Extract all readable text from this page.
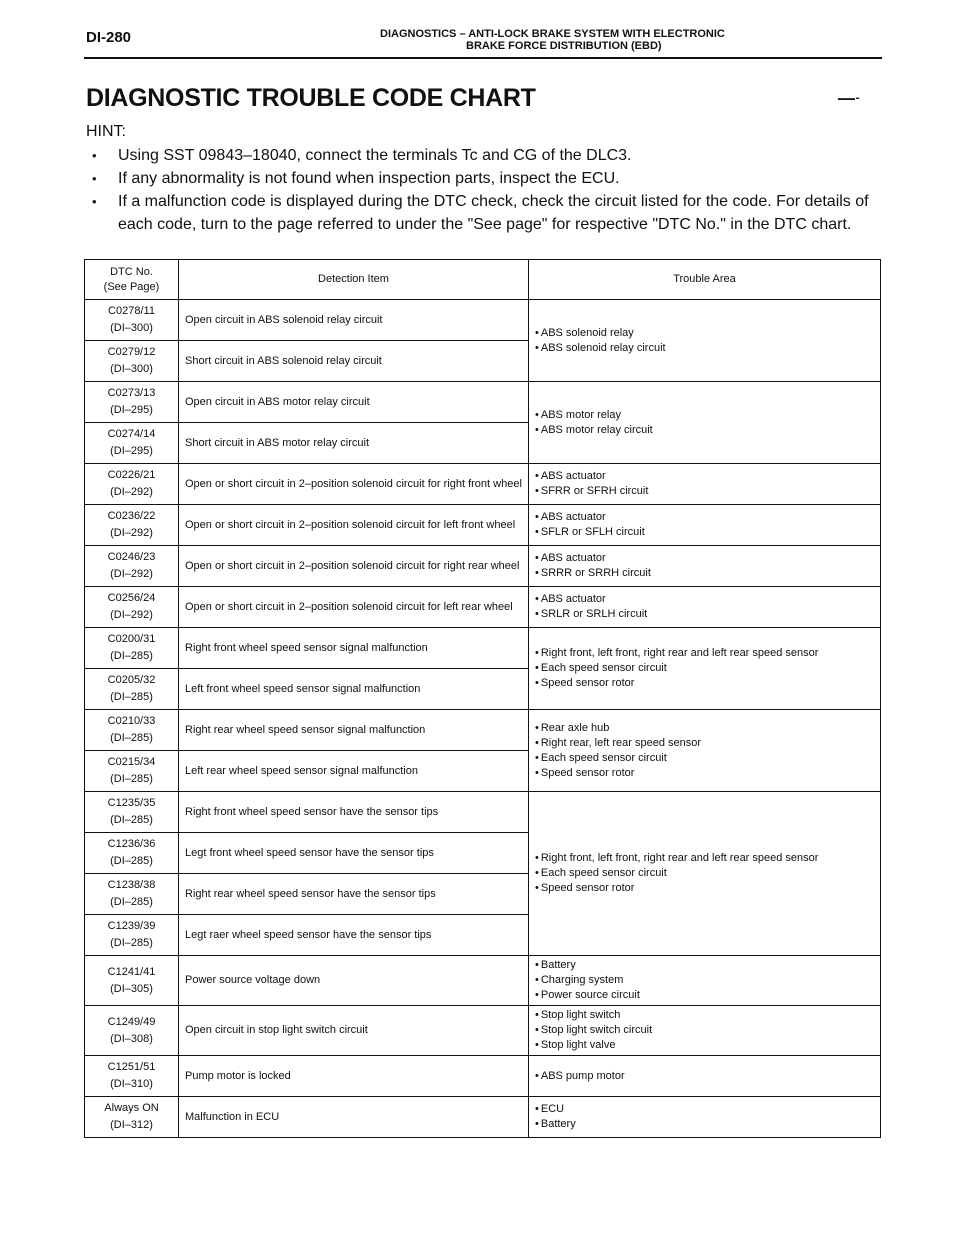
DI-280	DIAGNOSTICS – ANTI-LOCK BRAKE SYSTEM WITH ELECTRONIC
BRAKE FORCE DISTRIBUTION (EBD)
DIAGNOSTIC TROUBLE CODE CHART	▬▬▬ ▪▪
HINT:
• Using SST 09843–18040, connect the terminals Tc and CG of the DLC3.
• If any abnormality is not found when inspection parts, inspect the ECU.
• If a malfunction code is displayed during the DTC check, check the circuit listed for the code. For details of each code, turn to the page referred to under the "See page" for respective "DTC No." in the DTC chart.
DTC No.
(See Page)	Detection Item	Trouble Area

C0278/11
(DI–300)	Open circuit in ABS solenoid relay circuit	• ABS solenoid relay
• ABS solenoid relay circuit

C0279/12
(DI–300)	Short circuit in ABS solenoid relay circuit	

C0273/13
(DI–295)	Open circuit in ABS motor relay circuit	• ABS motor relay
• ABS motor relay circuit

C0274/14
(DI–295)	Short circuit in ABS motor relay circuit	

C0226/21
(DI–292)	Open or short circuit in 2–position solenoid circuit for right front wheel	• ABS actuator
• SFRR or SFRH circuit

C0236/22
(DI–292)	Open or short circuit in 2–position solenoid circuit for left front wheel	• ABS actuator
• SFLR or SFLH circuit

C0246/23
(DI–292)	Open or short circuit in 2–position solenoid circuit for right rear wheel	• ABS actuator
• SRRR or SRRH circuit

C0256/24
(DI–292)	Open or short circuit in 2–position solenoid circuit for left rear wheel	• ABS actuator
• SRLR or SRLH circuit

C0200/31
(DI–285)	Right front wheel speed sensor signal malfunction	• Right front, left front, right rear and left rear speed sensor
• Each speed sensor circuit
• Speed sensor rotor

C0205/32
(DI–285)	Left front wheel speed sensor signal malfunction	

C0210/33
(DI–285)	Right rear wheel speed sensor signal malfunction	• Rear axle hub
• Right rear, left rear speed sensor
• Each speed sensor circuit
• Speed sensor rotor

C0215/34
(DI–285)	Left rear wheel speed sensor signal malfunction	

C1235/35
(DI–285)	Right front wheel speed sensor have the sensor tips	• Right front, left front, right rear and left rear speed sensor
• Each speed sensor circuit
• Speed sensor rotor

C1236/36
(DI–285)	Legt front wheel speed sensor have the sensor tips	

C1238/38
(DI–285)	Right rear wheel speed sensor have the sensor tips	

C1239/39
(DI–285)	Legt raer wheel speed sensor have the sensor tips	

C1241/41
(DI–305)	Power source voltage down	• Battery
• Charging system
• Power source circuit

C1249/49
(DI–308)	Open circuit in stop light switch circuit	• Stop light switch
• Stop light switch circuit
• Stop light valve

C1251/51
(DI–310)	Pump motor is locked	• ABS pump motor

Always ON
(DI–312)	Malfunction in ECU	• ECU
• Battery
